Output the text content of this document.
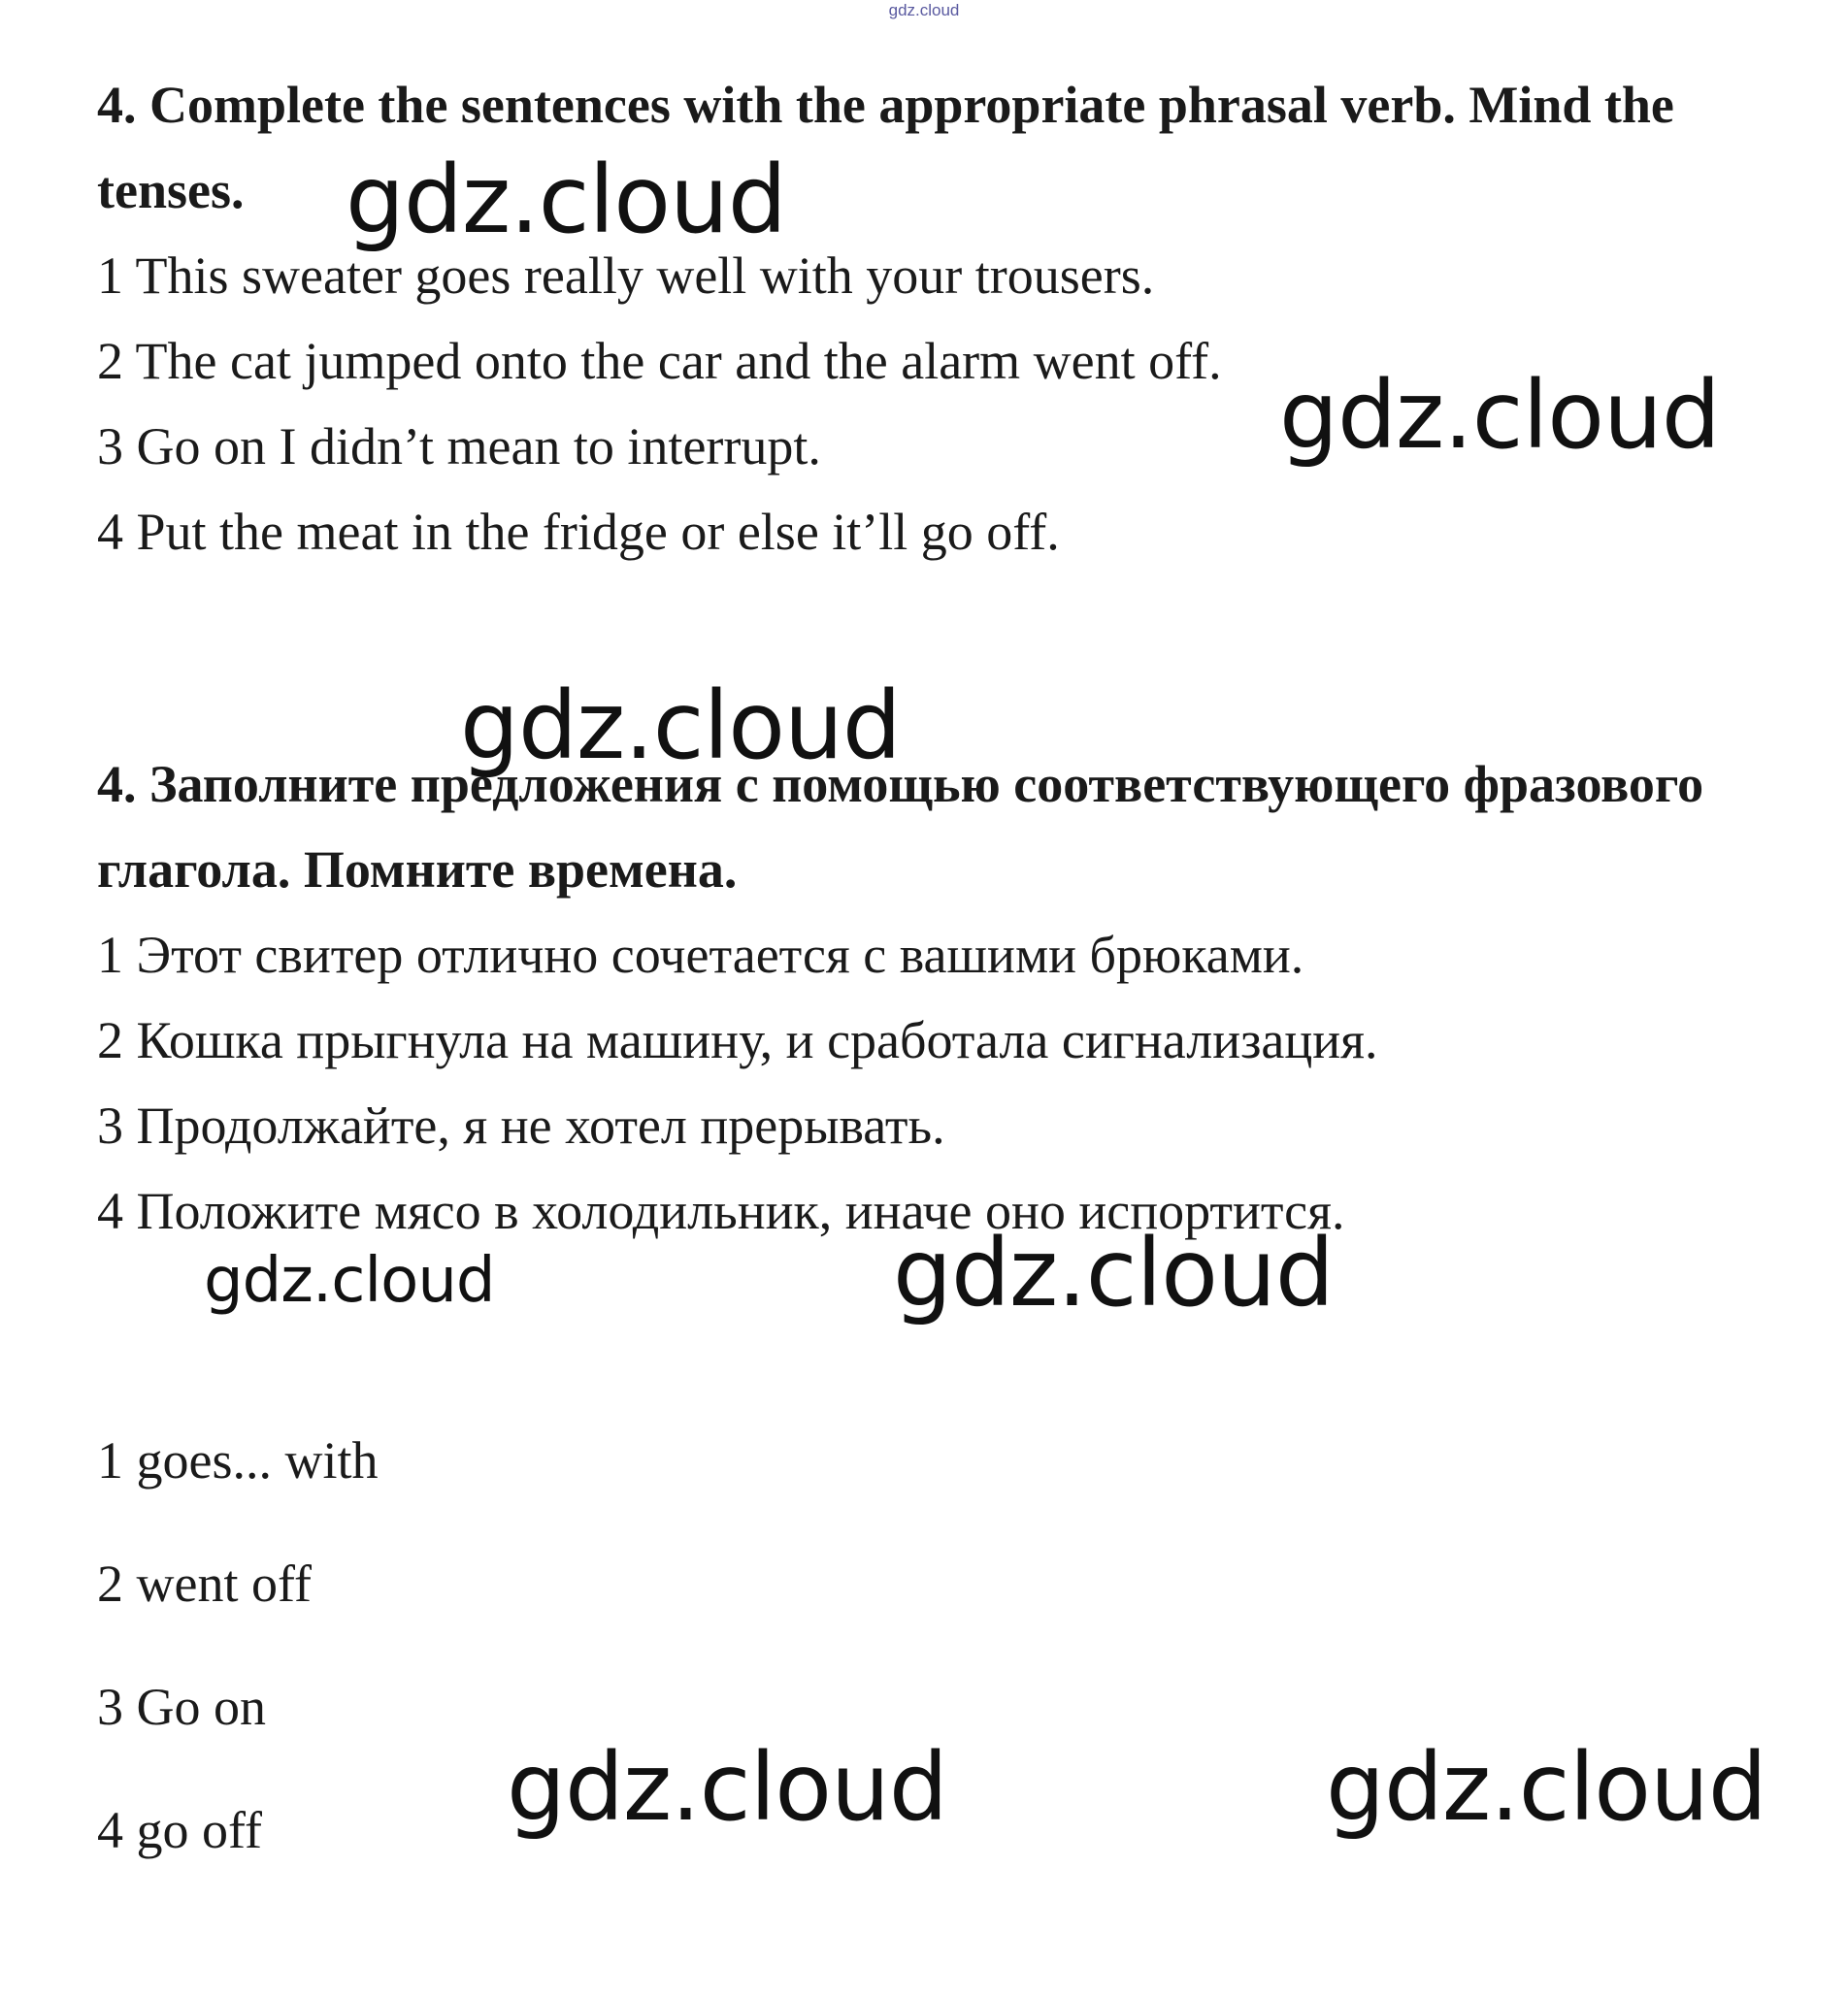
gdz.cloud

4. Complete the sentences with the appropriate phrasal verb. Mind the tenses.

1 This sweater goes really well with your trousers.

2 The cat jumped onto the car and the alarm went off.

3 Go on I didn’t mean to interrupt.

4 Put the meat in the fridge or else it’ll go off.

4. Заполните предложения с помощью соответствующего фразового глагола. Помните времена.

1 Этот свитер отлично сочетается с вашими брюками.

2 Кошка прыгнула на машину, и сработала сигнализация.

3 Продолжайте, я не хотел прерывать.

4 Положите мясо в холодильник, иначе оно испортится.

1 goes... with

2 went off

3 Go on

4 go off

gdz.cloud
gdz.cloud
gdz.cloud
gdz.cloud	gdz.cloud
gdz.cloud	gdz.cloud
